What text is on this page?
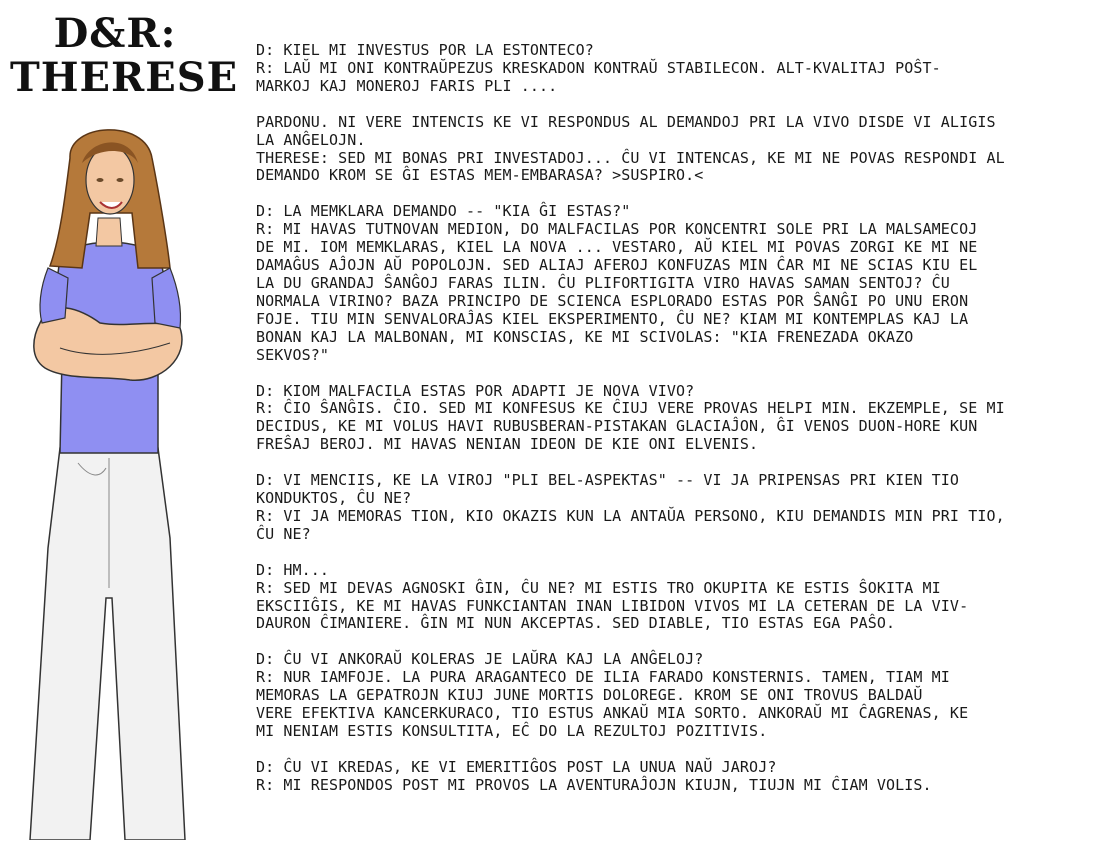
D&R:
THERESE
D: KIEL MI INVESTUS POR LA ESTONTECO?
R: LAŬ MI ONI KONTRAŬPEZUS KRESKADON KONTRAŬ STABILECON. ALT-KVALITAJ POŜT-
MARKOJ KAJ MONEROJ FARIS PLI ....
PARDONU. NI VERE INTENCIS KE VI RESPONDUS AL DEMANDOJ PRI LA VIVO DISDE VI ALIGIS
LA ANĜELOJN.
THERESE: SED MI BONAS PRI INVESTADOJ... ĈU VI INTENCAS, KE MI NE POVAS RESPONDI AL
DEMANDO KROM SE ĜI ESTAS MEM-EMBARASA? >SUSPIRO.<
D: LA MEMKLARA DEMANDO -- "KIA ĜI ESTAS?"
R: MI HAVAS TUTNOVAN MEDION, DO MALFACILAS POR KONCENTRI SOLE PRI LA MALSAMECOJ
DE MI. IOM MEMKLARAS, KIEL LA NOVA ... VESTARO, AŬ KIEL MI POVAS ZORGI KE MI NE
DAMAĜUS AĴOJN AŬ POPOLOJN. SED ALIAJ AFEROJ KONFUZAS MIN ĈAR MI NE SCIAS KIU EL
LA DU GRANDAJ ŜANĜOJ FARAS ILIN. ĈU PLIFORTIGITA VIRO HAVAS SAMAN SENTOJ? ĈU
NORMALA VIRINO? BAZA PRINCIPO DE SCIENCA ESPLORADO ESTAS POR ŜANĜI PO UNU ERON
FOJE. TIU MIN SENVALORAĴAS KIEL EKSPERIMENTO, ĈU NE? KIAM MI KONTEMPLAS KAJ LA
BONAN KAJ LA MALBONAN, MI KONSCIAS, KE MI SCIVOLAS: "KIA FRENEZADA OKAZO
SEKVOS?"
D: KIOM MALFACILA ESTAS POR ADAPTI JE NOVA VIVO?
R: ĈIO ŜANĜIS. ĈIO. SED MI KONFESUS KE ĈIUJ VERE PROVAS HELPI MIN. EKZEMPLE, SE MI
DECIDUS, KE MI VOLUS HAVI RUBUSBERAN-PISTAKAN GLACIAĴON, ĜI VENOS DUON-HORE KUN
FREŜAJ BEROJ. MI HAVAS NENIAN IDEON DE KIE ONI ELVENIS.
D: VI MENCIIS, KE LA VIROJ "PLI BEL-ASPEKTAS" -- VI JA PRIPENSAS PRI KIEN TIO
KONDUKTOS, ĈU NE?
R: VI JA MEMORAS TION, KIO OKAZIS KUN LA ANTAŬA PERSONO, KIU DEMANDIS MIN PRI TIO,
ĈU NE?
D: HM...
R: SED MI DEVAS AGNOSKI ĜIN, ĈU NE? MI ESTIS TRO OKUPITA KE ESTIS ŜOKITA MI
EKSCIIĜIS, KE MI HAVAS FUNKCIANTAN INAN LIBIDON VIVOS MI LA CETERAN DE LA VIV-
DAURON ĈIMANIERE. ĜIN MI NUN AKCEPTAS. SED DIABLE, TIO ESTAS EGA PAŜO.
D: ĈU VI ANKORAŬ KOLERAS JE LAŬRA KAJ LA ANĜELOJ?
R: NUR IAMFOJE. LA PURA ARAGANTECO DE ILIA FARADO KONSTERNIS. TAMEN, TIAM MI
MEMORAS LA GEPATROJN KIUJ JUNE MORTIS DOLOREGE. KROM SE ONI TROVUS BALDAŬ
VERE EFEKTIVA KANCERKURACO, TIO ESTUS ANKAŬ MIA SORTO. ANKORAŬ MI ĈAGRENAS, KE
MI NENIAM ESTIS KONSULTITA, EĈ DO LA REZULTOJ POZITIVIS.
D: ĈU VI KREDAS, KE VI EMERITIĜOS POST LA UNUA NAŬ JAROJ?
R: MI RESPONDOS POST MI PROVOS LA AVENTURAĴOJN KIUJN, TIUJN MI ĈIAM VOLIS.
